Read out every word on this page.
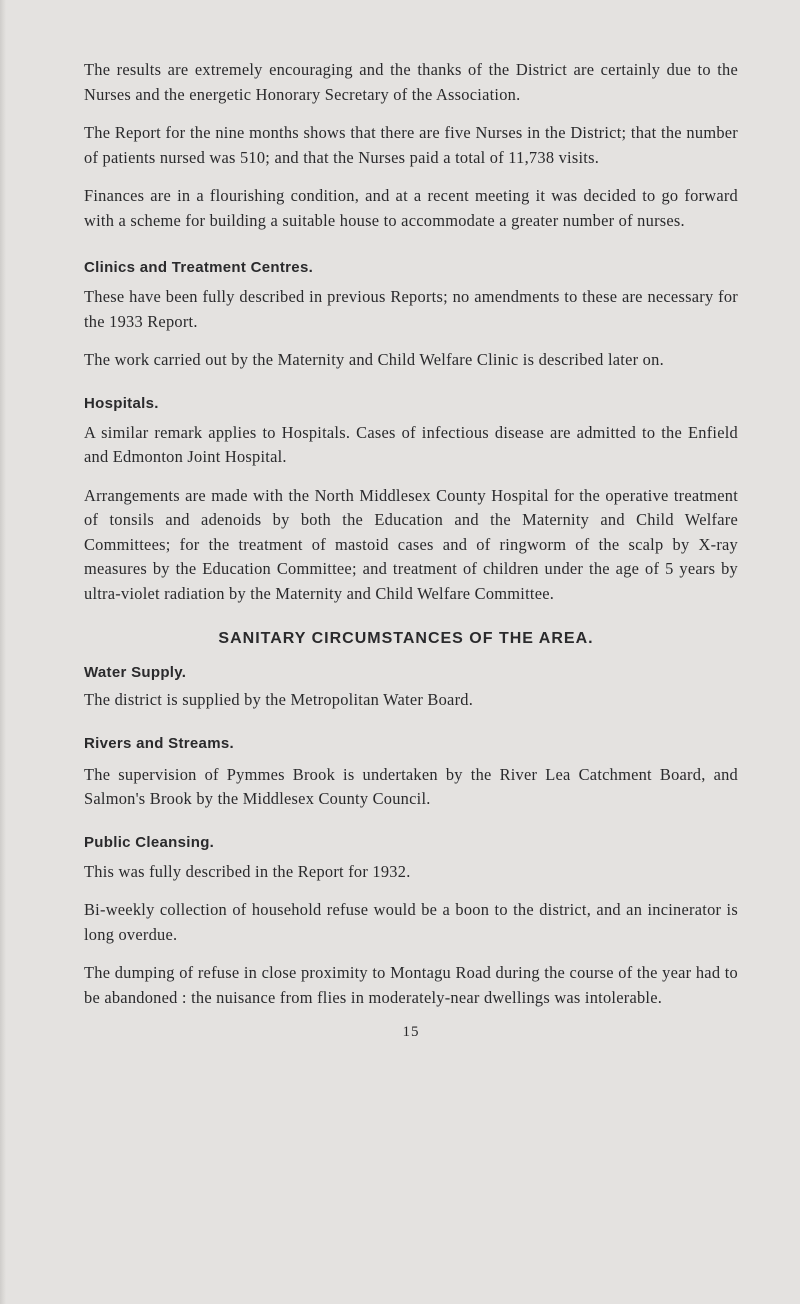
The results are extremely encouraging and the thanks of the District are certainly due to the Nurses and the energetic Honorary Secretary of the Association.

The Report for the nine months shows that there are five Nurses in the District; that the number of patients nursed was 510; and that the Nurses paid a total of 11,738 visits.

Finances are in a flourishing condition, and at a recent meeting it was decided to go forward with a scheme for building a suitable house to accommodate a greater number of nurses.

Clinics and Treatment Centres.

These have been fully described in previous Reports; no amendments to these are necessary for the 1933 Report.

The work carried out by the Maternity and Child Welfare Clinic is described later on.

Hospitals.

A similar remark applies to Hospitals. Cases of infectious disease are admitted to the Enfield and Edmonton Joint Hospital.

Arrangements are made with the North Middlesex County Hospital for the operative treatment of tonsils and adenoids by both the Education and the Maternity and Child Welfare Committees; for the treatment of mastoid cases and of ringworm of the scalp by X-ray measures by the Education Committee; and treatment of children under the age of 5 years by ultra-violet radiation by the Maternity and Child Welfare Committee.

SANITARY CIRCUMSTANCES OF THE AREA.
Water Supply.

The district is supplied by the Metropolitan Water Board.

Rivers and Streams.

The supervision of Pymmes Brook is undertaken by the River Lea Catchment Board, and Salmon's Brook by the Middlesex County Council.

Public Cleansing.

This was fully described in the Report for 1932.

Bi-weekly collection of household refuse would be a boon to the district, and an incinerator is long overdue.

The dumping of refuse in close proximity to Montagu Road during the course of the year had to be abandoned : the nuisance from flies in moderately-near dwellings was intolerable.

15
